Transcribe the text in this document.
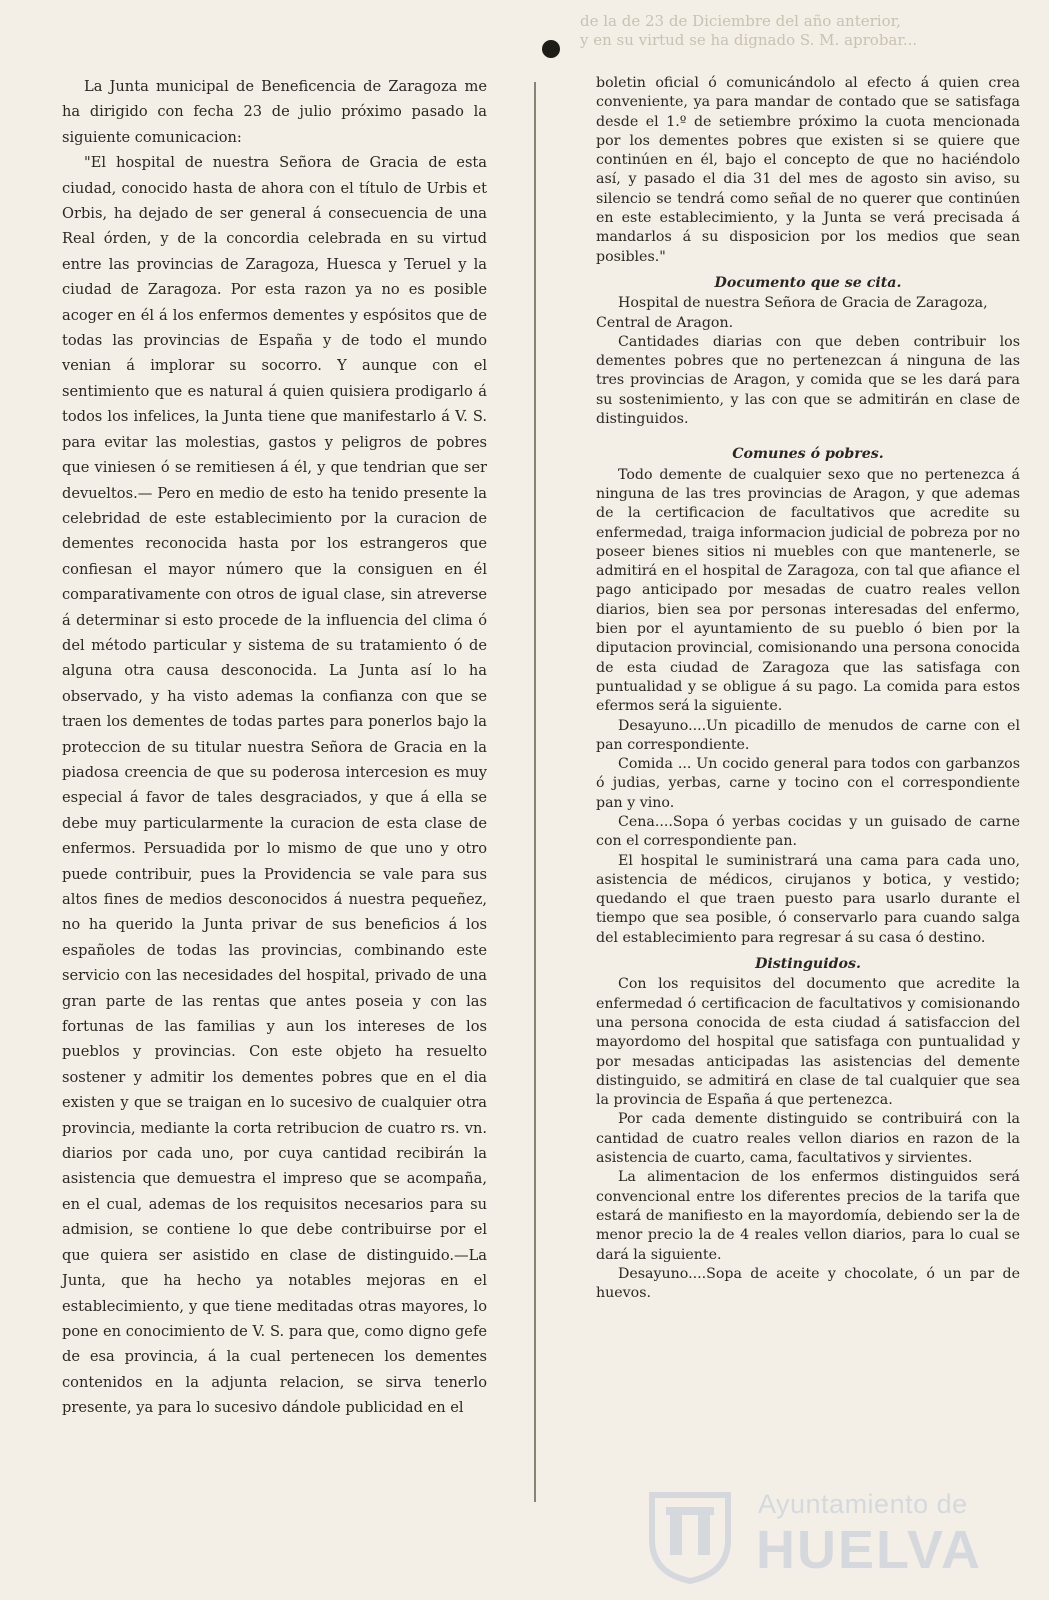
de la de 23 de Diciembre del año anterior,
y en su virtud se ha dignado S. M. aprobar...

La Junta municipal de Beneficencia de Zaragoza me ha dirigido con fecha 23 de julio próximo pasado la siguiente comunicacion:

"El hospital de nuestra Señora de Gracia de esta ciudad, conocido hasta de ahora con el título de Urbis et Orbis, ha dejado de ser general á consecuencia de una Real órden, y de la concordia celebrada en su virtud entre las provincias de Zaragoza, Huesca y Teruel y la ciudad de Zaragoza. Por esta razon ya no es posible acoger en él á los enfermos dementes y espósitos que de todas las provincias de España y de todo el mundo venian á implorar su socorro. Y aunque con el sentimiento que es natural á quien quisiera prodigarlo á todos los infelices, la Junta tiene que manifestarlo á V. S. para evitar las molestias, gastos y peligros de pobres que viniesen ó se remitiesen á él, y que tendrian que ser devueltos.— Pero en medio de esto ha tenido presente la celebridad de este establecimiento por la curacion de dementes reconocida hasta por los estrangeros que confiesan el mayor número que la consiguen en él comparativamente con otros de igual clase, sin atreverse á determinar si esto procede de la influencia del clima ó del método particular y sistema de su tratamiento ó de alguna otra causa desconocida. La Junta así lo ha observado, y ha visto ademas la confianza con que se traen los dementes de todas partes para ponerlos bajo la proteccion de su titular nuestra Señora de Gracia en la piadosa creencia de que su poderosa intercesion es muy especial á favor de tales desgraciados, y que á ella se debe muy particularmente la curacion de esta clase de enfermos. Persuadida por lo mismo de que uno y otro puede contribuir, pues la Providencia se vale para sus altos fines de medios desconocidos á nuestra pequeñez, no ha querido la Junta privar de sus beneficios á los españoles de todas las provincias, combinando este servicio con las necesidades del hospital, privado de una gran parte de las rentas que antes poseia y con las fortunas de las familias y aun los intereses de los pueblos y provincias. Con este objeto ha resuelto sostener y admitir los dementes pobres que en el dia existen y que se traigan en lo sucesivo de cualquier otra provincia, mediante la corta retribucion de cuatro rs. vn. diarios por cada uno, por cuya cantidad recibirán la asistencia que demuestra el impreso que se acompaña, en el cual, ademas de los requisitos necesarios para su admision, se contiene lo que debe contribuirse por el que quiera ser asistido en clase de distinguido.—La Junta, que ha hecho ya notables mejoras en el establecimiento, y que tiene meditadas otras mayores, lo pone en conocimiento de V. S. para que, como digno gefe de esa provincia, á la cual pertenecen los dementes contenidos en la adjunta relacion, se sirva tenerlo presente, ya para lo sucesivo dándole publicidad en el

boletin oficial ó comunicándolo al efecto á quien crea conveniente, ya para mandar de contado que se satisfaga desde el 1.º de setiembre próximo la cuota mencionada por los dementes pobres que existen si se quiere que continúen en él, bajo el concepto de que no haciéndolo así, y pasado el dia 31 del mes de agosto sin aviso, su silencio se tendrá como señal de no querer que continúen en este establecimiento, y la Junta se verá precisada á mandarlos á su disposicion por los medios que sean posibles."

Documento que se cita.

Hospital de nuestra Señora de Gracia de Zaragoza,

Central de Aragon.

Cantidades diarias con que deben contribuir los dementes pobres que no pertenezcan á ninguna de las tres provincias de Aragon, y comida que se les dará para su sostenimiento, y las con que se admitirán en clase de distinguidos.

Comunes ó pobres.

Todo demente de cualquier sexo que no pertenezca á ninguna de las tres provincias de Aragon, y que ademas de la certificacion de facultativos que acredite su enfermedad, traiga informacion judicial de pobreza por no poseer bienes sitios ni muebles con que mantenerle, se admitirá en el hospital de Zaragoza, con tal que afiance el pago anticipado por mesadas de cuatro reales vellon diarios, bien sea por personas interesadas del enfermo, bien por el ayuntamiento de su pueblo ó bien por la diputacion provincial, comisionando una persona conocida de esta ciudad de Zaragoza que las satisfaga con puntualidad y se obligue á su pago. La comida para estos efermos será la siguiente.

Desayuno....Un picadillo de menudos de carne con el pan correspondiente.

Comida ... Un cocido general para todos con garbanzos ó judias, yerbas, carne y tocino con el correspondiente pan y vino.

Cena....Sopa ó yerbas cocidas y un guisado de carne con el correspondiente pan.

El hospital le suministrará una cama para cada uno, asistencia de médicos, cirujanos y botica, y vestido; quedando el que traen puesto para usarlo durante el tiempo que sea posible, ó conservarlo para cuando salga del establecimiento para regresar á su casa ó destino.

Distinguidos.

Con los requisitos del documento que acredite la enfermedad ó certificacion de facultativos y comisionando una persona conocida de esta ciudad á satisfaccion del mayordomo del hospital que satisfaga con puntualidad y por mesadas anticipadas las asistencias del demente distinguido, se admitirá en clase de tal cualquier que sea la provincia de España á que pertenezca.

Por cada demente distinguido se contribuirá con la cantidad de cuatro reales vellon diarios en razon de la asistencia de cuarto, cama, facultativos y sirvientes.

La alimentacion de los enfermos distinguidos será convencional entre los diferentes precios de la tarifa que estará de manifiesto en la mayordomía, debiendo ser la de menor precio la de 4 reales vellon diarios, para lo cual se dará la siguiente.

Desayuno....Sopa de aceite y chocolate, ó un par de huevos.

Ayuntamiento de
HUELVA
